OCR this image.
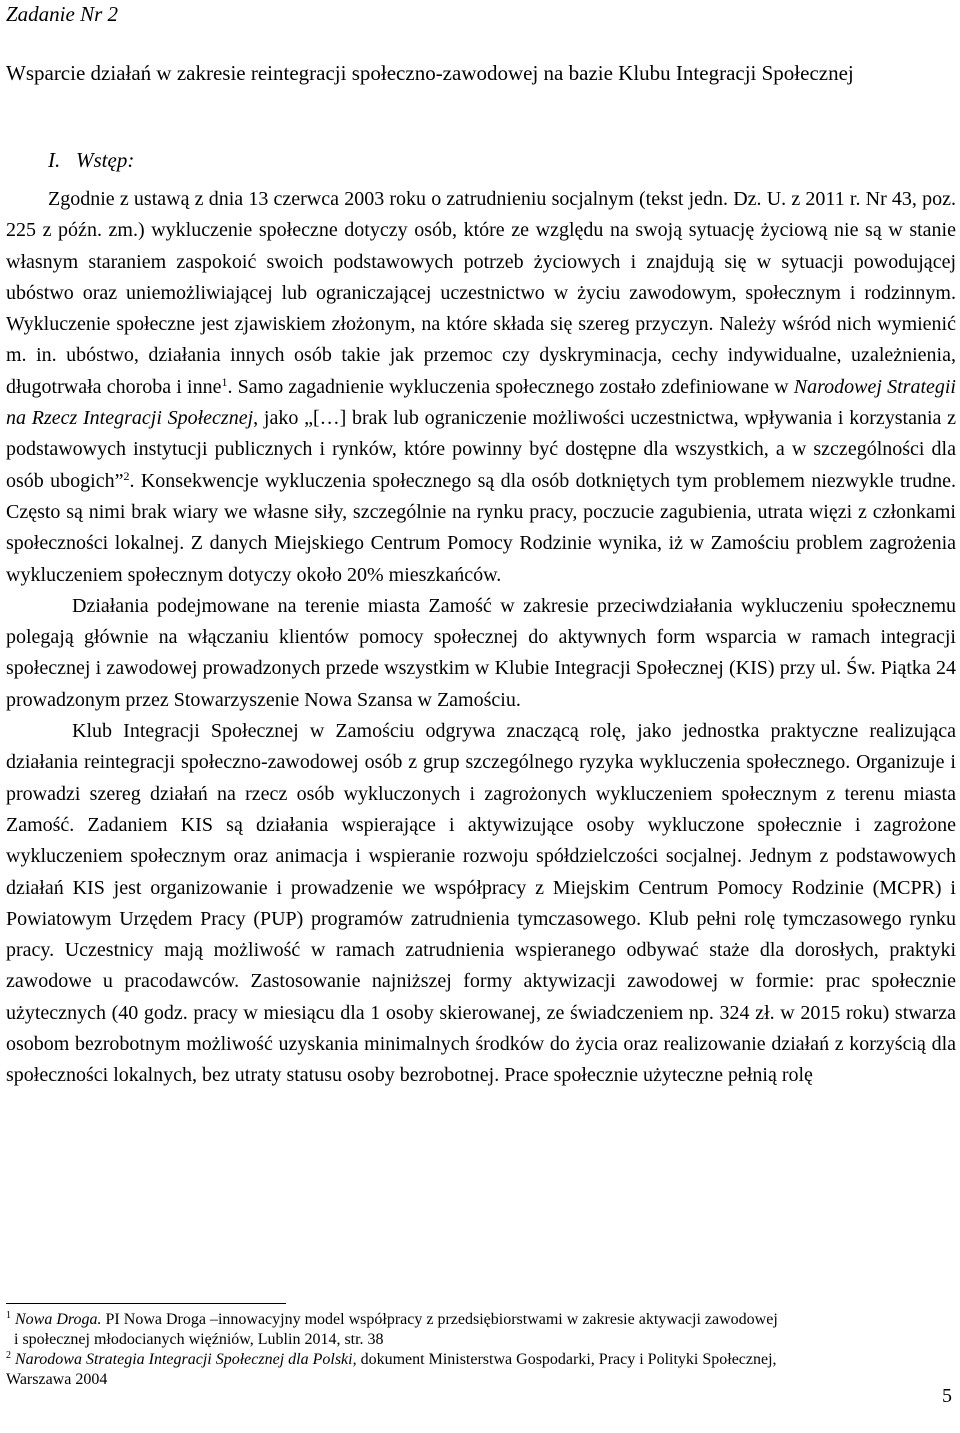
Zadanie Nr 2
Wsparcie działań w zakresie reintegracji społeczno-zawodowej na bazie Klubu Integracji Społecznej
I. Wstęp:

Zgodnie z ustawą z dnia 13 czerwca 2003 roku o zatrudnieniu socjalnym (tekst jedn. Dz. U. z 2011 r. Nr 43, poz. 225 z późn. zm.) wykluczenie społeczne dotyczy osób, które ze względu na swoją sytuację życiową nie są w stanie własnym staraniem zaspokoić swoich podstawowych potrzeb życiowych i znajdują się w sytuacji powodującej ubóstwo oraz uniemożliwiającej lub ograniczającej uczestnictwo w życiu zawodowym, społecznym i rodzinnym. Wykluczenie społeczne jest zjawiskiem złożonym, na które składa się szereg przyczyn. Należy wśród nich wymienić m. in. ubóstwo, działania innych osób takie jak przemoc czy dyskryminacja, cechy indywidualne, uzależnienia, długotrwała choroba i inne$^1$. Samo zagadnienie wykluczenia społecznego zostało zdefiniowane w Narodowej Strategii na Rzecz Integracji Społecznej, jako „[…] brak lub ograniczenie możliwości uczestnictwa, wpływania i korzystania z podstawowych instytucji publicznych i rynków, które powinny być dostępne dla wszystkich, a w szczególności dla osób ubogich”$^2$. Konsekwencje wykluczenia społecznego są dla osób dotkniętych tym problemem niezwykle trudne. Często są nimi brak wiary we własne siły, szczególnie na rynku pracy, poczucie zagubienia, utrata więzi z członkami społeczności lokalnej. Z danych Miejskiego Centrum Pomocy Rodzinie wynika, iż w Zamościu problem zagrożenia wykluczeniem społecznym dotyczy około 20% mieszkańców.

Działania podejmowane na terenie miasta Zamość w zakresie przeciwdziałania wykluczeniu społecznemu polegają głównie na włączaniu klientów pomocy społecznej do aktywnych form wsparcia w ramach integracji społecznej i zawodowej prowadzonych przede wszystkim w Klubie Integracji Społecznej (KIS) przy ul. Św. Piątka 24 prowadzonym przez Stowarzyszenie Nowa Szansa w Zamościu.

Klub Integracji Społecznej w Zamościu odgrywa znaczącą rolę, jako jednostka praktyczne realizująca działania reintegracji społeczno-zawodowej osób z grup szczególnego ryzyka wykluczenia społecznego. Organizuje i prowadzi szereg działań na rzecz osób wykluczonych i zagrożonych wykluczeniem społecznym z terenu miasta Zamość. Zadaniem KIS są działania wspierające i aktywizujące osoby wykluczone społecznie i zagrożone wykluczeniem społecznym oraz animacja i wspieranie rozwoju spółdzielczości socjalnej. Jednym z podstawowych działań KIS jest organizowanie i prowadzenie we współpracy z Miejskim Centrum Pomocy Rodzinie (MCPR) i Powiatowym Urzędem Pracy (PUP) programów zatrudnienia tymczasowego. Klub pełni rolę tymczasowego rynku pracy. Uczestnicy mają możliwość w ramach zatrudnienia wspieranego odbywać staże dla dorosłych, praktyki zawodowe u pracodawców. Zastosowanie najniższej formy aktywizacji zawodowej w formie: prac społecznie użytecznych (40 godz. pracy w miesiącu dla 1 osoby skierowanej, ze świadczeniem np. 324 zł. w 2015 roku) stwarza osobom bezrobotnym możliwość uzyskania minimalnych środków do życia oraz realizowanie działań z korzyścią dla społeczności lokalnych, bez utraty statusu osoby bezrobotnej. Prace społecznie użyteczne pełnią rolę

$^1$ Nowa Droga. PI Nowa Droga –innowacyjny model współpracy z przedsiębiorstwami w zakresie aktywacji zawodowej

i społecznej młodocianych więźniów, Lublin 2014, str. 38

$^2$ Narodowa Strategia Integracji Społecznej dla Polski, dokument Ministerstwa Gospodarki, Pracy i Polityki Społecznej,

Warszawa 2004

5
